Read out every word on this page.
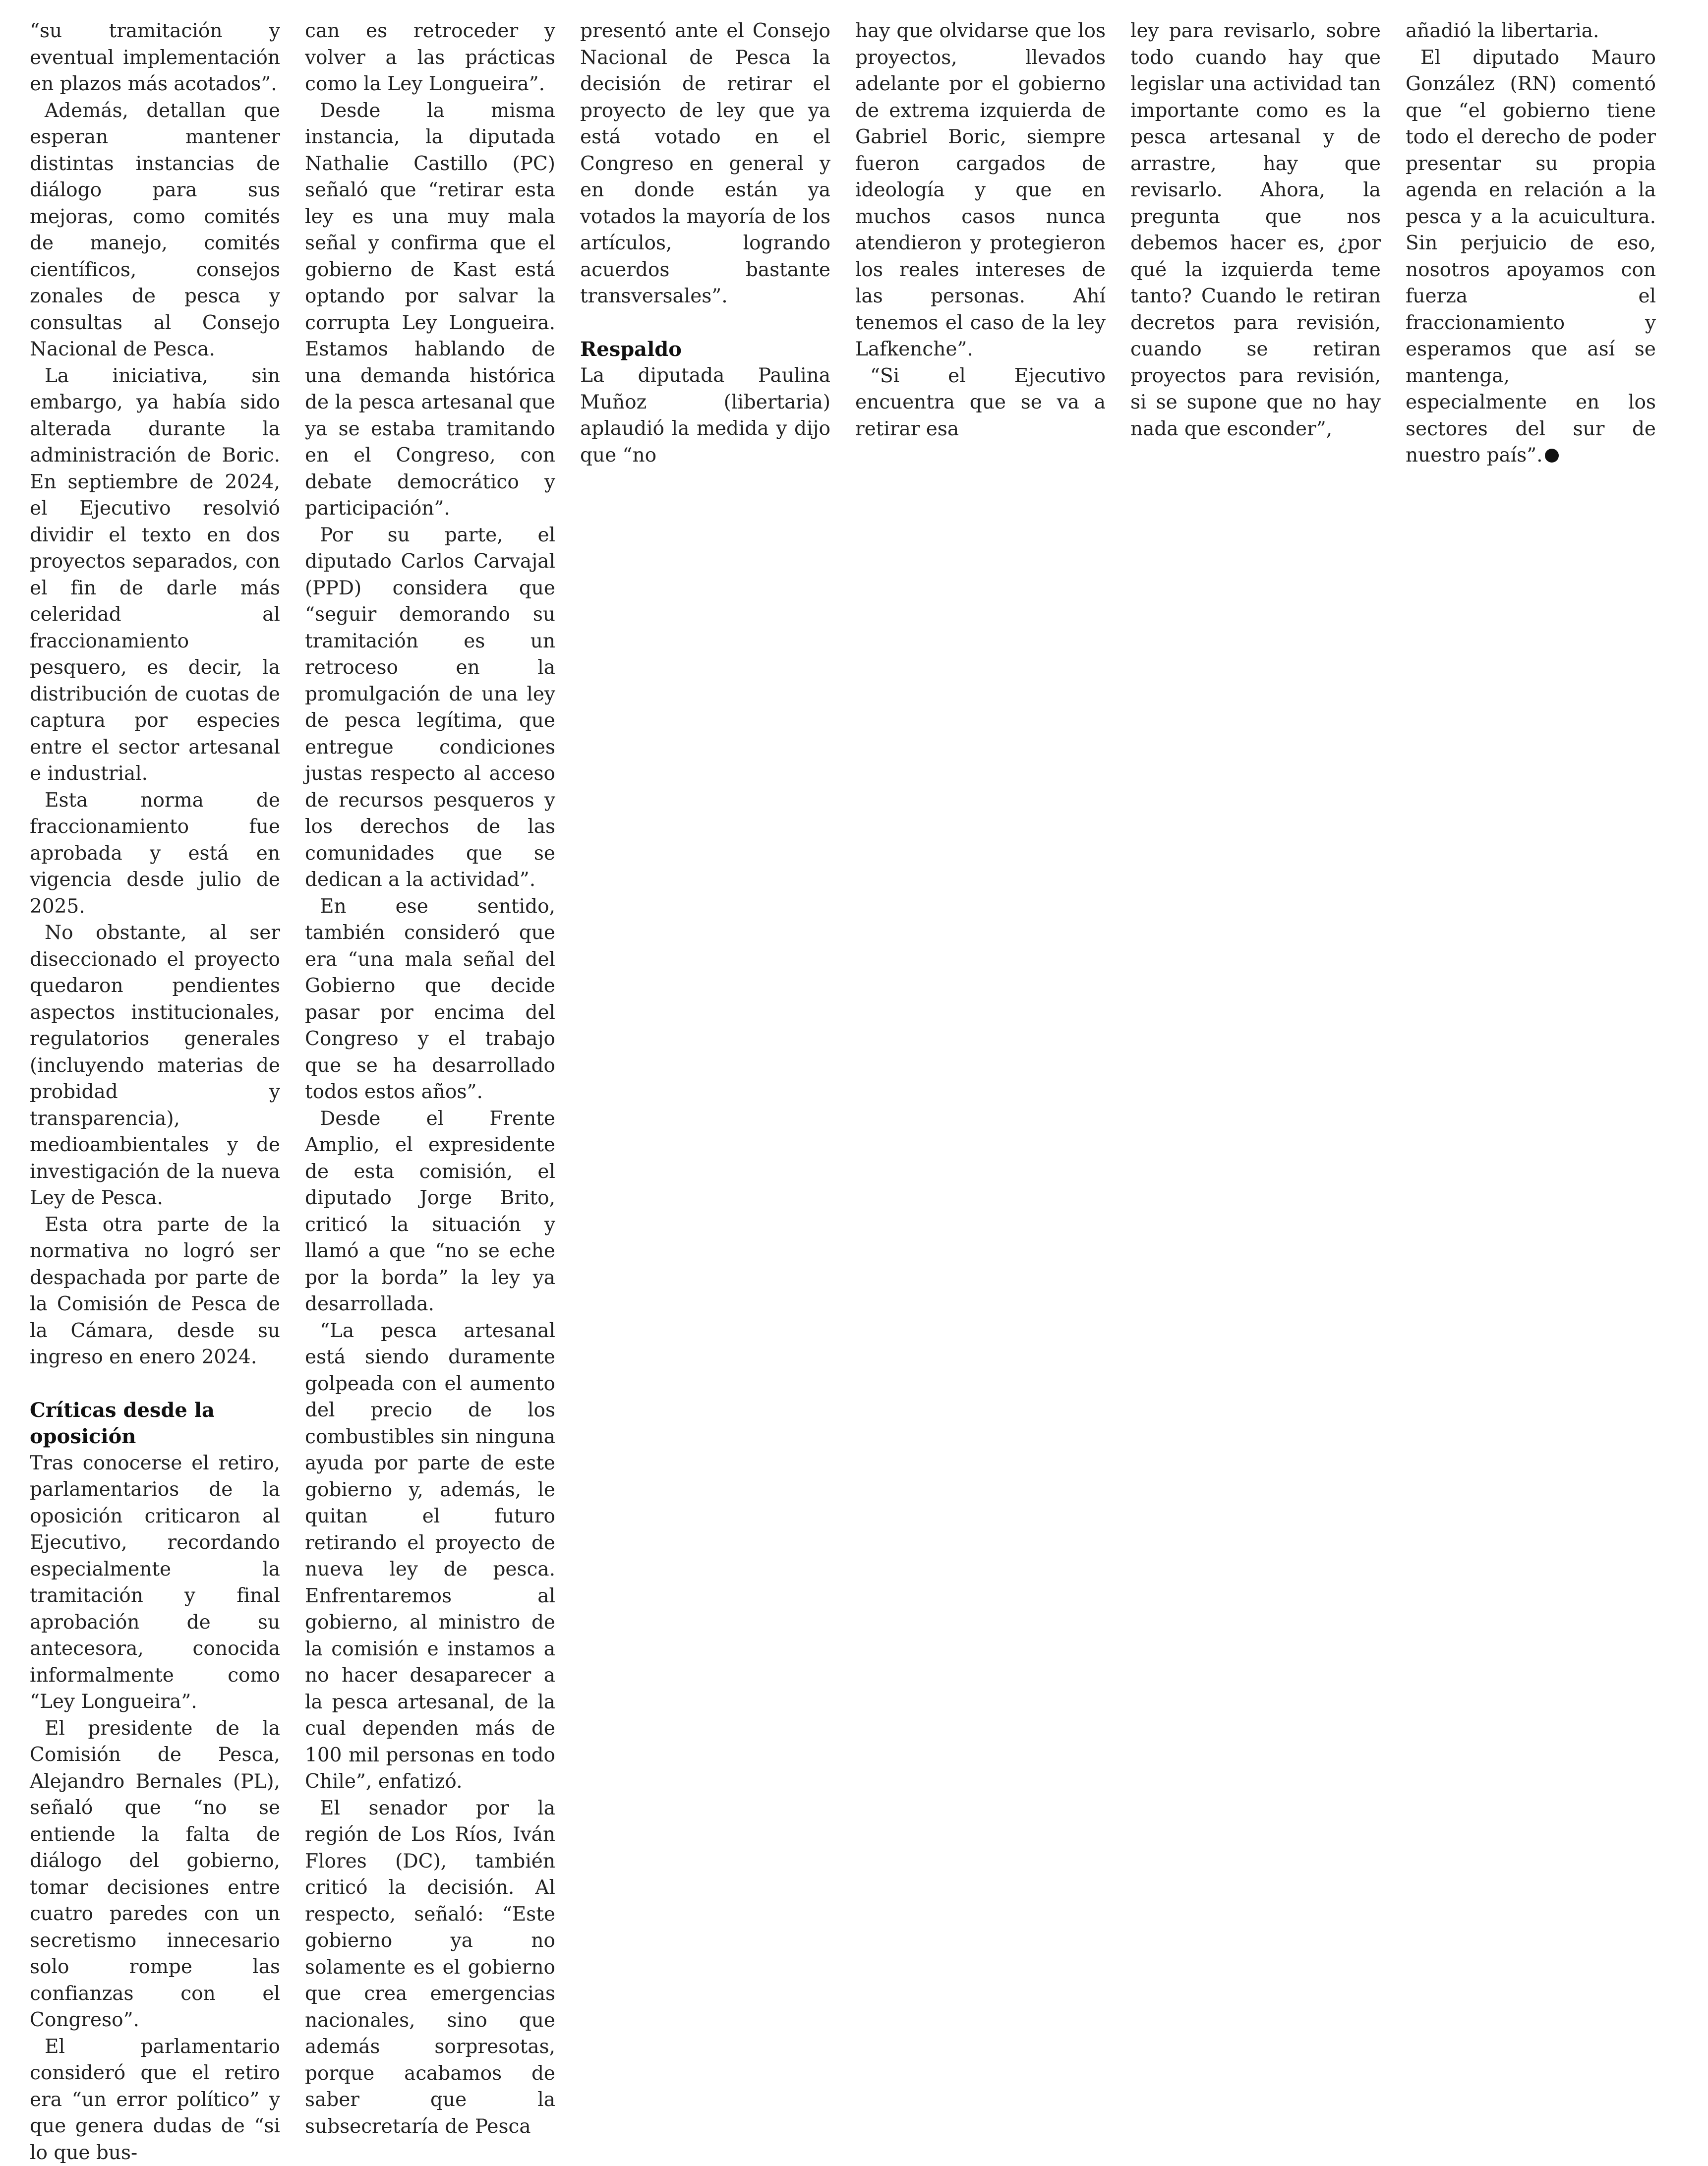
“su tramitación y eventual implementación en plazos más acotados”.

Además, detallan que esperan mantener distintas instancias de diálogo para sus mejoras, como comités de manejo, comités científicos, consejos zonales de pesca y consultas al Consejo Nacional de Pesca.

La iniciativa, sin embargo, ya había sido alterada durante la administración de Boric. En septiembre de 2024, el Ejecutivo resolvió dividir el texto en dos proyectos separados, con el fin de darle más celeridad al fraccionamiento pesquero, es decir, la distribución de cuotas de captura por especies entre el sector artesanal e industrial.

Esta norma de fraccionamiento fue aprobada y está en vigencia desde julio de 2025.

No obstante, al ser diseccionado el proyecto quedaron pendientes aspectos institucionales, regulatorios generales (incluyendo materias de probidad y transparencia), medioambientales y de investigación de la nueva Ley de Pesca.

Esta otra parte de la normativa no logró ser despachada por parte de la Comisión de Pesca de la Cámara, desde su ingreso en enero 2024.

Críticas desde la oposición

Tras conocerse el retiro, parlamentarios de la oposición criticaron al Ejecutivo, recordando especialmente la tramitación y final aprobación de su antecesora, conocida informalmente como “Ley Longueira”.

El presidente de la Comisión de Pesca, Alejandro Bernales (PL), señaló que “no se entiende la falta de diálogo del gobierno, tomar decisiones entre cuatro paredes con un secretismo innecesario solo rompe las confianzas con el Congreso”.

El parlamentario consideró que el retiro era “un error político” y que genera dudas de “si lo que bus-

can es retroceder y volver a las prácticas como la Ley Longueira”.

Desde la misma instancia, la diputada Nathalie Castillo (PC) señaló que “retirar esta ley es una muy mala señal y confirma que el gobierno de Kast está optando por salvar la corrupta Ley Longueira. Estamos hablando de una demanda histórica de la pesca artesanal que ya se estaba tramitando en el Congreso, con debate democrático y participación”.

Por su parte, el diputado Carlos Carvajal (PPD) considera que “seguir demorando su tramitación es un retroceso en la promulgación de una ley de pesca legítima, que entregue condiciones justas respecto al acceso de recursos pesqueros y los derechos de las comunidades que se dedican a la actividad”.

En ese sentido, también consideró que era “una mala señal del Gobierno que decide pasar por encima del Congreso y el trabajo que se ha desarrollado todos estos años”.

Desde el Frente Amplio, el expresidente de esta comisión, el diputado Jorge Brito, criticó la situación y llamó a que “no se eche por la borda” la ley ya desarrollada.

“La pesca artesanal está siendo duramente golpeada con el aumento del precio de los combustibles sin ninguna ayuda por parte de este gobierno y, además, le quitan el futuro retirando el proyecto de nueva ley de pesca. Enfrentaremos al gobierno, al ministro de la comisión e instamos a no hacer desaparecer a la pesca artesanal, de la cual dependen más de 100 mil personas en todo Chile”, enfatizó.

El senador por la región de Los Ríos, Iván Flores (DC), también criticó la decisión. Al respecto, señaló: “Este gobierno ya no solamente es el gobierno que crea emergencias nacionales, sino que además sorpresotas, porque acabamos de saber que la subsecretaría de Pesca

presentó ante el Consejo Nacional de Pesca la decisión de retirar el proyecto de ley que ya está votado en el Congreso en general y en donde están ya votados la mayoría de los artículos, logrando acuerdos bastante transversales”.

Respaldo

La diputada Paulina Muñoz (libertaria) aplaudió la medida y dijo que “no

hay que olvidarse que los proyectos, llevados adelante por el gobierno de extrema izquierda de Gabriel Boric, siempre fueron cargados de ideología y que en muchos casos nunca atendieron y protegieron los reales intereses de las personas. Ahí tenemos el caso de la ley Lafkenche”.

“Si el Ejecutivo encuentra que se va a retirar esa

ley para revisarlo, sobre todo cuando hay que legislar una actividad tan importante como es la pesca artesanal y de arrastre, hay que revisarlo. Ahora, la pregunta que nos debemos hacer es, ¿por qué la izquierda teme tanto? Cuando le retiran decretos para revisión, cuando se retiran proyectos para revisión, si se supone que no hay nada que esconder”,

añadió la libertaria.

El diputado Mauro González (RN) comentó que “el gobierno tiene todo el derecho de poder presentar su propia agenda en relación a la pesca y a la acuicultura. Sin perjuicio de eso, nosotros apoyamos con fuerza el fraccionamiento y esperamos que así se mantenga, especialmente en los sectores del sur de nuestro país”.
